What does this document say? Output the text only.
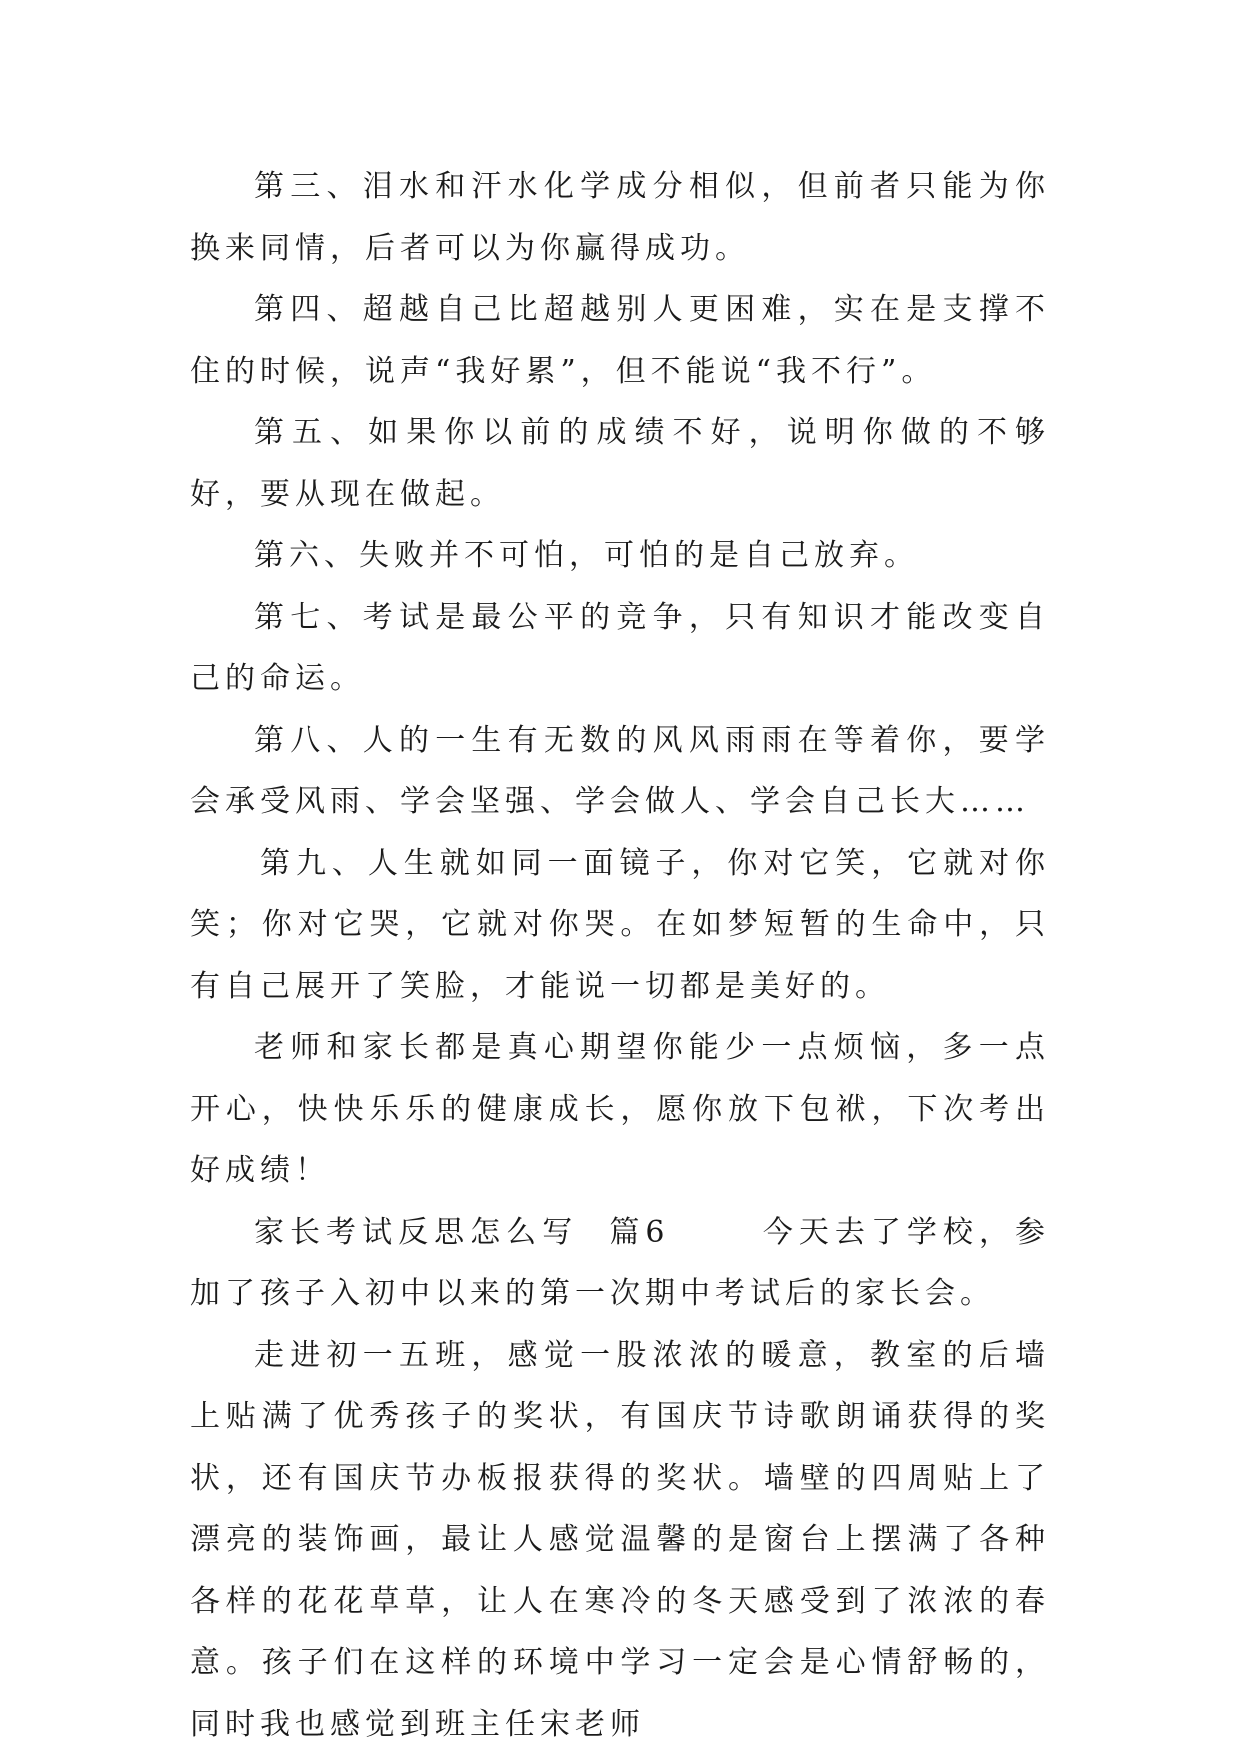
第三、泪水和汗水化学成分相似，但前者只能为你换来同情，后者可以为你赢得成功。

第四、超越自己比超越别人更困难，实在是支撑不住的时候，说声“我好累”，但不能说“我不行”。

第五、如果你以前的成绩不好，说明你做的不够好，要从现在做起。

第六、失败并不可怕，可怕的是自己放弃。

第七、考试是最公平的竞争，只有知识才能改变自己的命运。

第八、人的一生有无数的风风雨雨在等着你，要学会承受风雨、学会坚强、学会做人、学会自己长大……

第九、人生就如同一面镜子，你对它笑，它就对你笑；你对它哭，它就对你哭。在如梦短暂的生命中，只有自己展开了笑脸，才能说一切都是美好的。

老师和家长都是真心期望你能少一点烦恼，多一点开心，快快乐乐的健康成长，愿你放下包袱，下次考出好成绩！

家长考试反思怎么写  篇6      今天去了学校，参加了孩子入初中以来的第一次期中考试后的家长会。

走进初一五班，感觉一股浓浓的暖意，教室的后墙上贴满了优秀孩子的奖状，有国庆节诗歌朗诵获得的奖状，还有国庆节办板报获得的奖状。墙壁的四周贴上了漂亮的装饰画，最让人感觉温馨的是窗台上摆满了各种各样的花花草草，让人在寒冷的冬天感受到了浓浓的春意。孩子们在这样的环境中学习一定会是心情舒畅的，同时我也感觉到班主任宋老师
